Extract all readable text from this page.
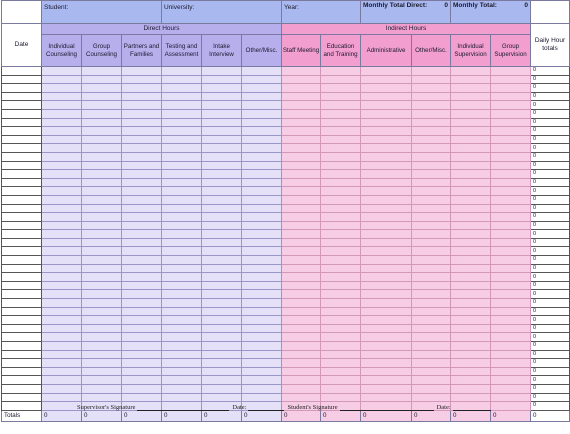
	Student:			University:			Year:		0
Monthly Total Direct:		0
Monthly Total:		
Date	Direct Hours						Indirect Hours						Daily Hour totals
	Individual Counseling	Group Counseling	Partners and Families	Testing and Assessment	Intake Interview	Other/Misc.	Staff Meeting	Education and Training	Administrative	Other/Misc.	Individual Supervision	Group Supervision	
													0
													0
													0
													0
													0
													0
													0
													0
													0
													0
													0
													0
													0
													0
													0
													0
													0
													0
													0
													0
													0
													0
													0
													0
													0
													0
													0
													0
													0
													0
													0
													0
													0
													0
													0
													0
													0
													0
													0
													0
Totals	0	0	0	0	0	0	0	0	0	0	0	0	0
Supervisor's Signature	Date:	Student's Signature	Date:
